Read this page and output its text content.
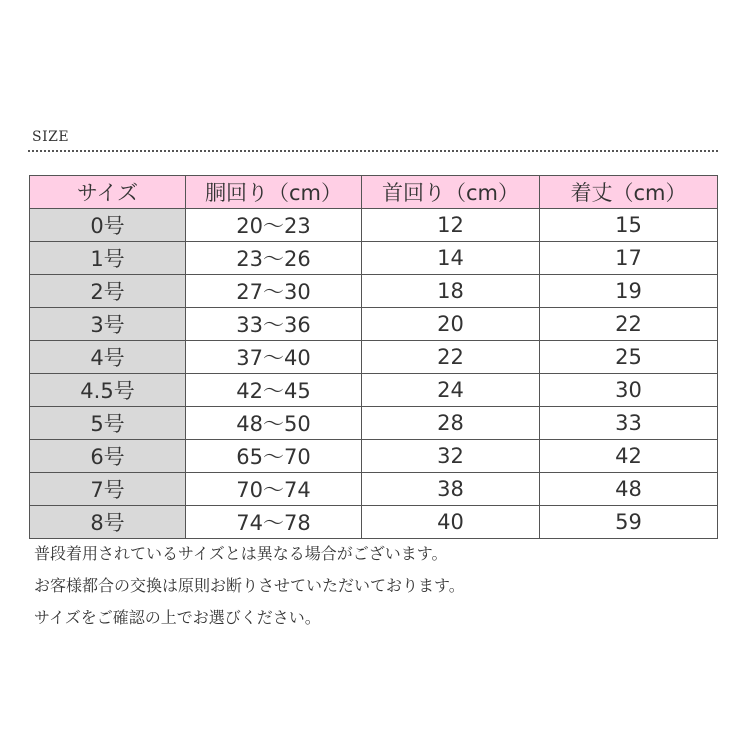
SIZE
サイズ	胴回り（cm）	首回り（cm）	着丈（cm）
0号	20〜23	12	15
1号	23〜26	14	17
2号	27〜30	18	19
3号	33〜36	20	22
4号	37〜40	22	25
4.5号	42〜45	24	30
5号	48〜50	28	33
6号	65〜70	32	42
7号	70〜74	38	48
8号	74〜78	40	59
普段着用されているサイズとは異なる場合がございます。
お客様都合の交換は原則お断りさせていただいております。
サイズをご確認の上でお選びください。
